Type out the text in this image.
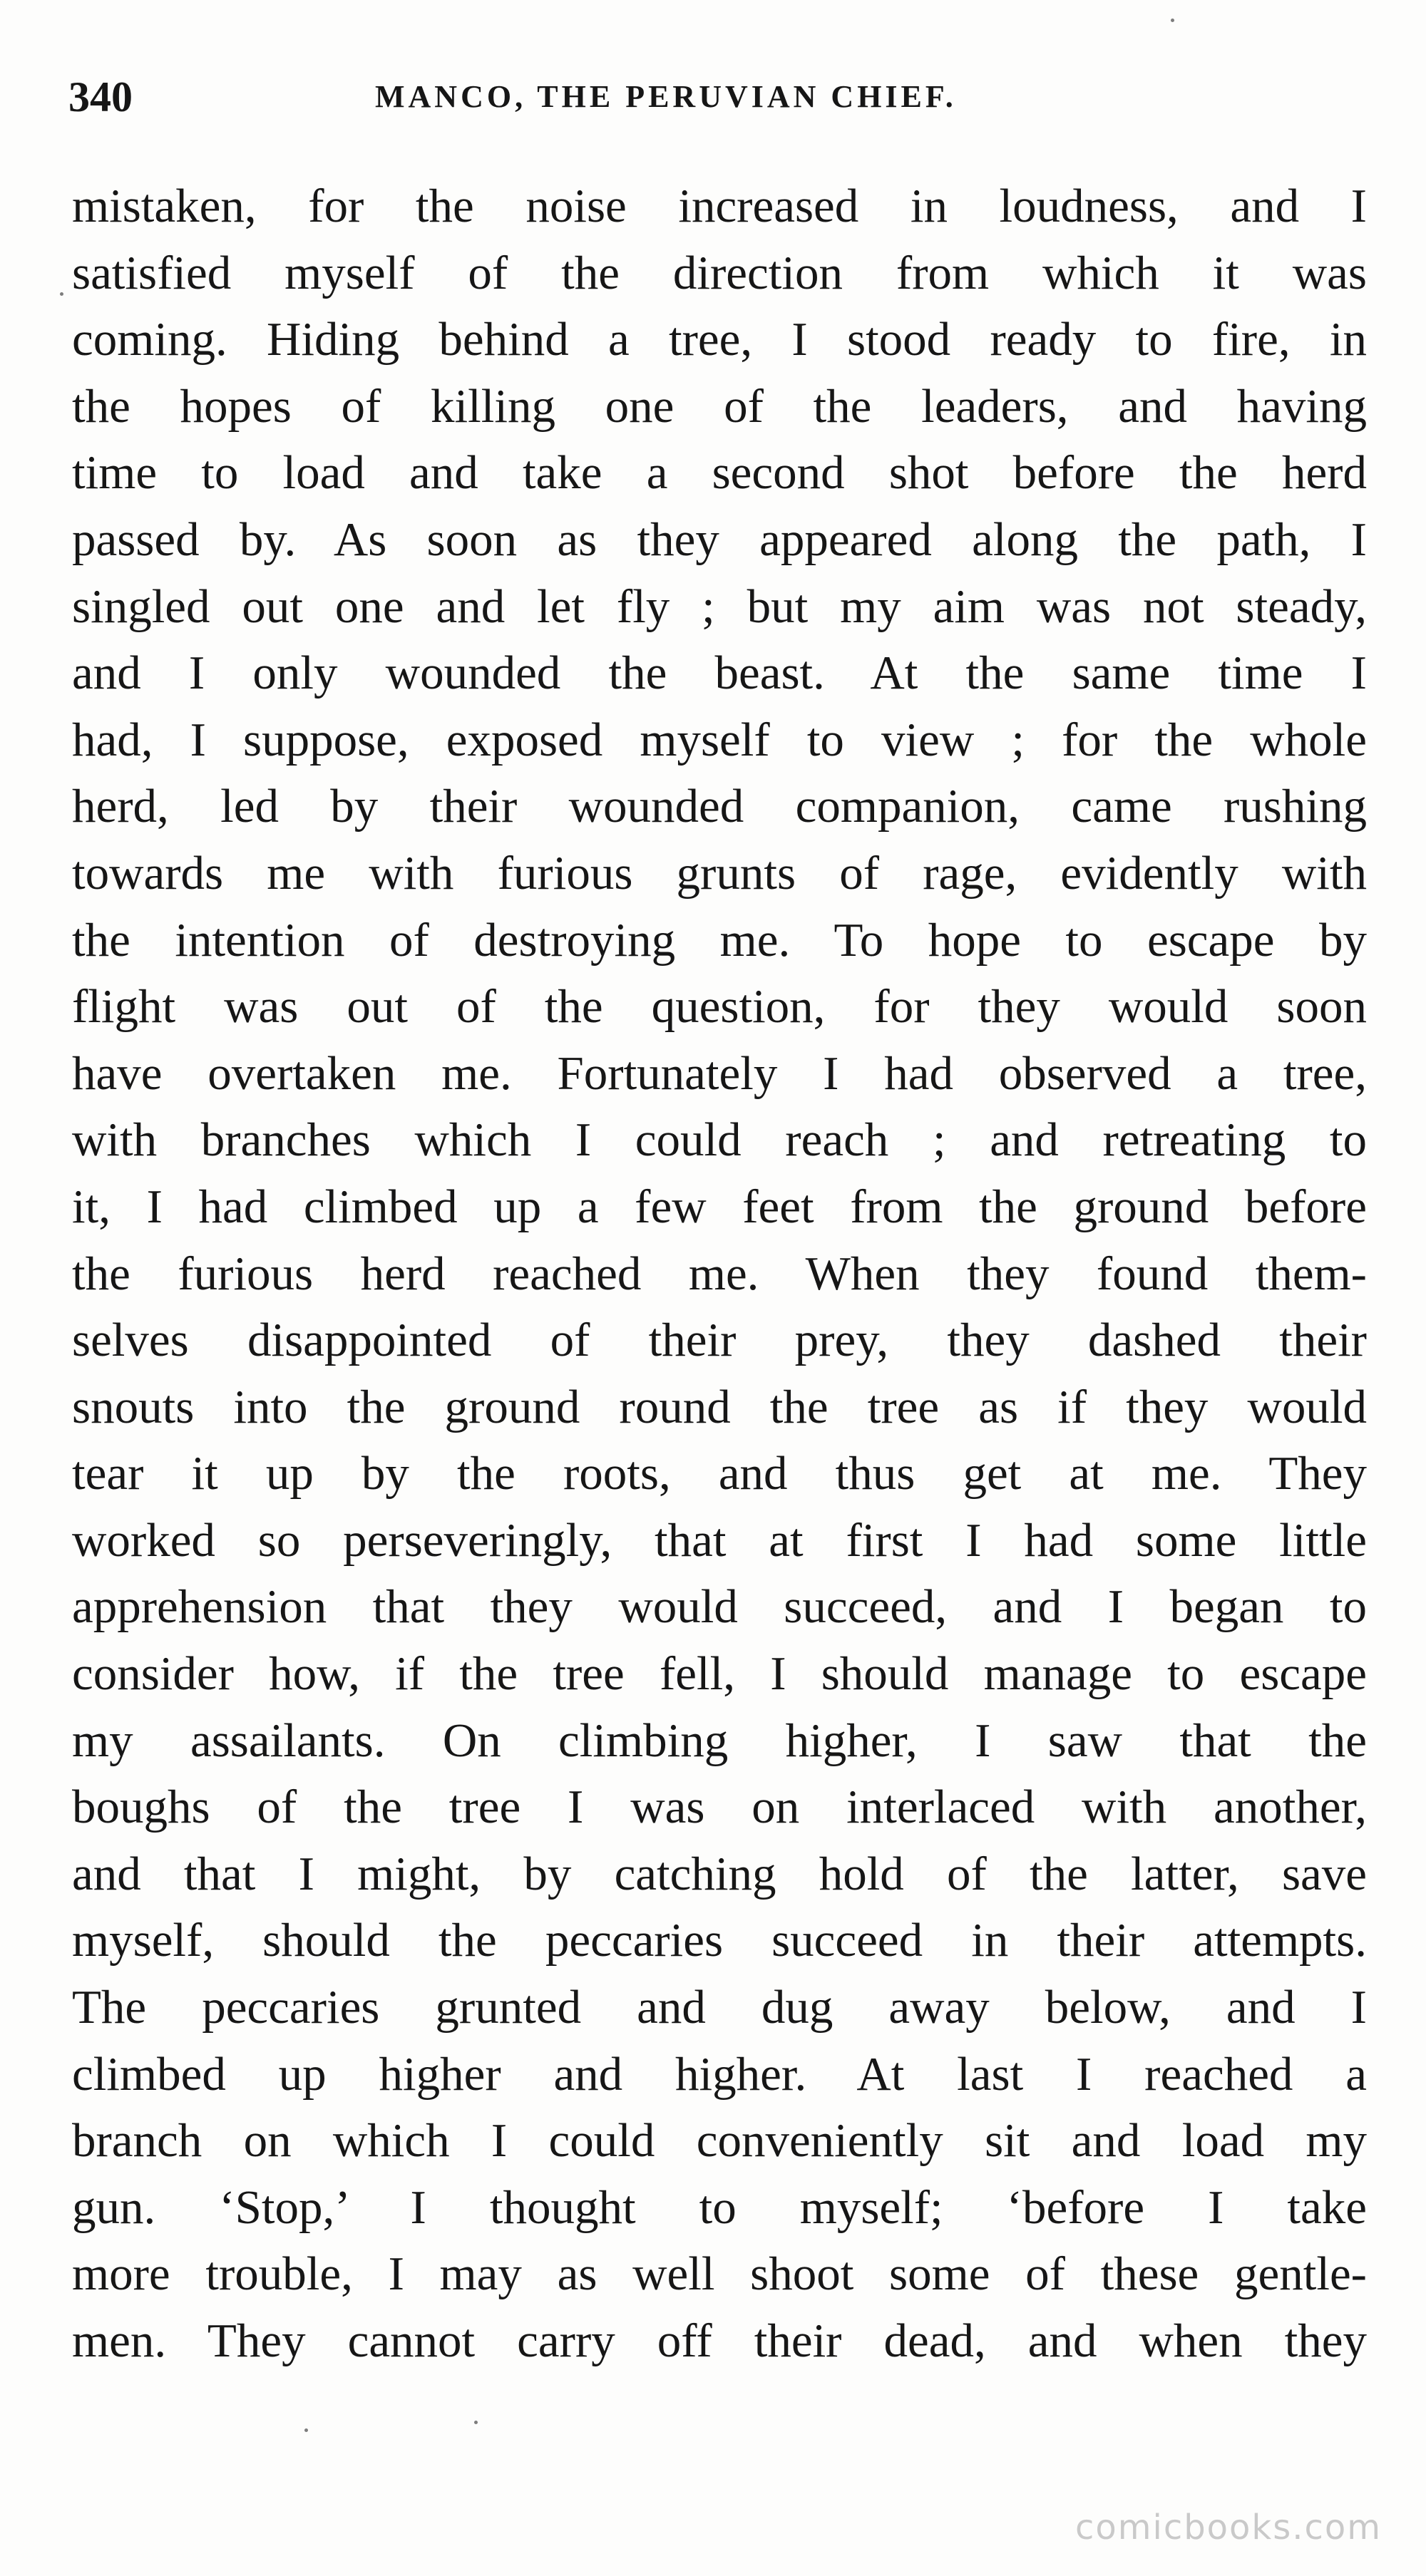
340	MANCO, THE PERUVIAN CHIEF.
mistaken, for the noise increased in loudness, and I
satisfied myself of the direction from which it was
coming. Hiding behind a tree, I stood ready to fire, in
the hopes of killing one of the leaders, and having
time to load and take a second shot before the herd
passed by. As soon as they appeared along the path, I
singled out one and let fly ; but my aim was not steady,
and I only wounded the beast. At the same time I
had, I suppose, exposed myself to view ; for the whole
herd, led by their wounded companion, came rushing
towards me with furious grunts of rage, evidently with
the intention of destroying me. To hope to escape by
flight was out of the question, for they would soon
have overtaken me. Fortunately I had observed a tree,
with branches which I could reach ; and retreating to
it, I had climbed up a few feet from the ground before
the furious herd reached me. When they found them-
selves disappointed of their prey, they dashed their
snouts into the ground round the tree as if they would
tear it up by the roots, and thus get at me. They
worked so perseveringly, that at first I had some little
apprehension that they would succeed, and I began to
consider how, if the tree fell, I should manage to escape
my assailants. On climbing higher, I saw that the
boughs of the tree I was on interlaced with another,
and that I might, by catching hold of the latter, save
myself, should the peccaries succeed in their attempts.
The peccaries grunted and dug away below, and I
climbed up higher and higher. At last I reached a
branch on which I could conveniently sit and load my
gun. ‘Stop,’ I thought to myself; ‘before I take
more trouble, I may as well shoot some of these gentle-
men. They cannot carry off their dead, and when they
comicbooks.com
